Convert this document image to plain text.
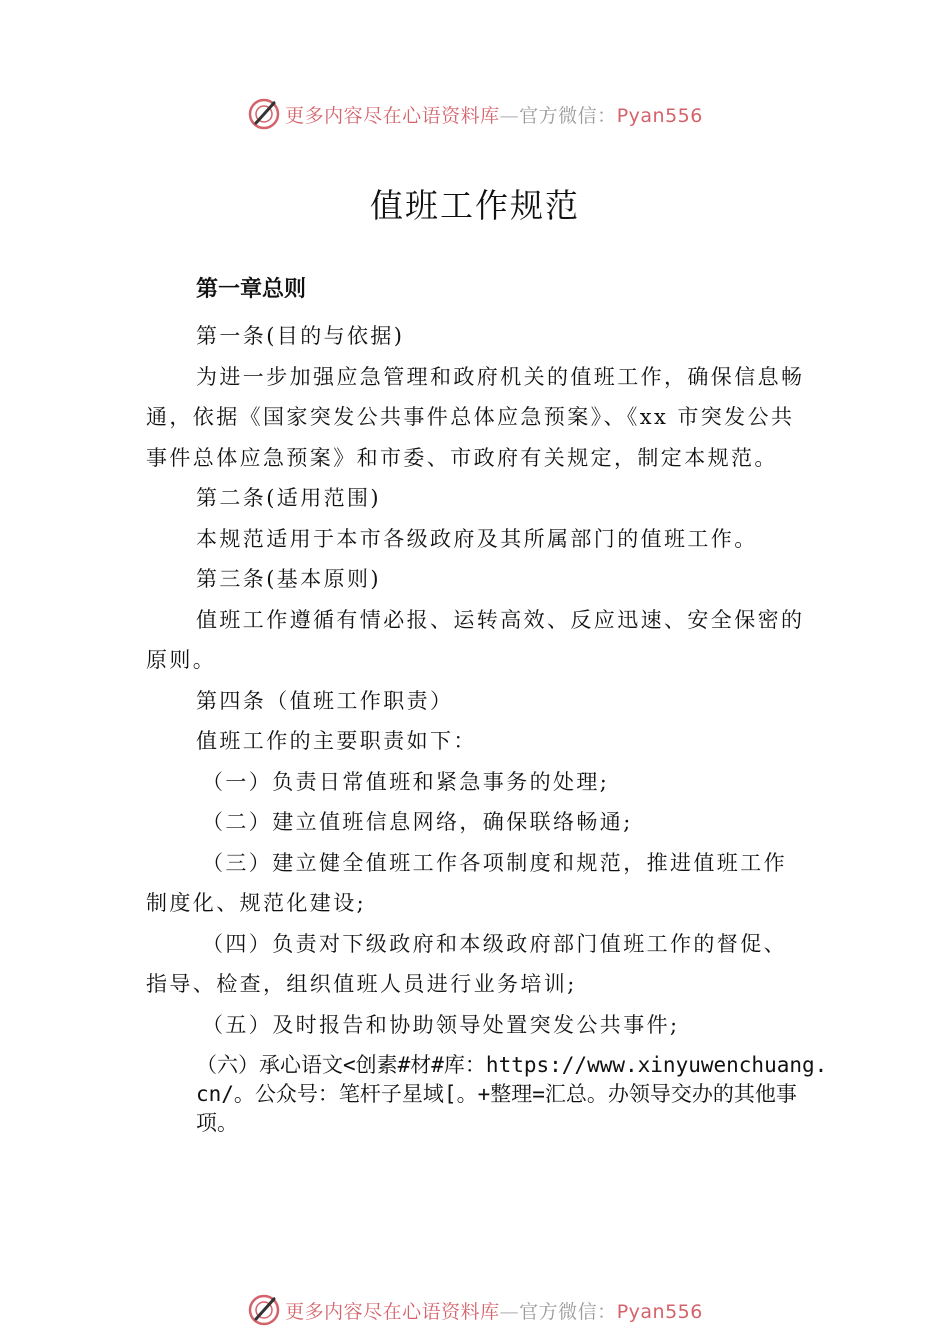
更多内容尽在心语资料库—官方微信：Pyan556
值班工作规范
第一章总则

第一条(目的与依据)

为进一步加强应急管理和政府机关的值班工作，确保信息畅通，依据《国家突发公共事件总体应急预案》、《xx 市突发公共事件总体应急预案》和市委、市政府有关规定，制定本规范。

第二条(适用范围)

本规范适用于本市各级政府及其所属部门的值班工作。

第三条(基本原则)

值班工作遵循有情必报、运转高效、反应迅速、安全保密的原则。

第四条（值班工作职责）

值班工作的主要职责如下：

（一）负责日常值班和紧急事务的处理;

（二）建立值班信息网络，确保联络畅通;

（三）建立健全值班工作各项制度和规范，推进值班工作制度化、规范化建设;

（四）负责对下级政府和本级政府部门值班工作的督促、指导、检查，组织值班人员进行业务培训;

（五）及时报告和协助领导处置突发公共事件;

（六）承心语文<创素#材#库：https://www.xinyuwenchuang.cn/。公众号：笔杆子星域[。+整理=汇总。办领导交办的其他事项。

更多内容尽在心语资料库—官方微信：Pyan556
